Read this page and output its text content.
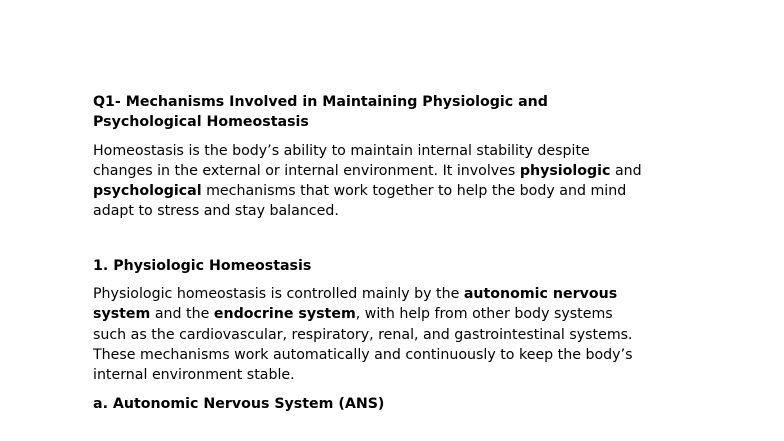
Q1- Mechanisms Involved in Maintaining Physiologic and
Psychological Homeostasis
Homeostasis is the body’s ability to maintain internal stability despite
changes in the external or internal environment. It involves physiologic and
psychological mechanisms that work together to help the body and mind
adapt to stress and stay balanced.
1. Physiologic Homeostasis
Physiologic homeostasis is controlled mainly by the autonomic nervous
system and the endocrine system, with help from other body systems
such as the cardiovascular, respiratory, renal, and gastrointestinal systems.
These mechanisms work automatically and continuously to keep the body’s
internal environment stable.
a. Autonomic Nervous System (ANS)
